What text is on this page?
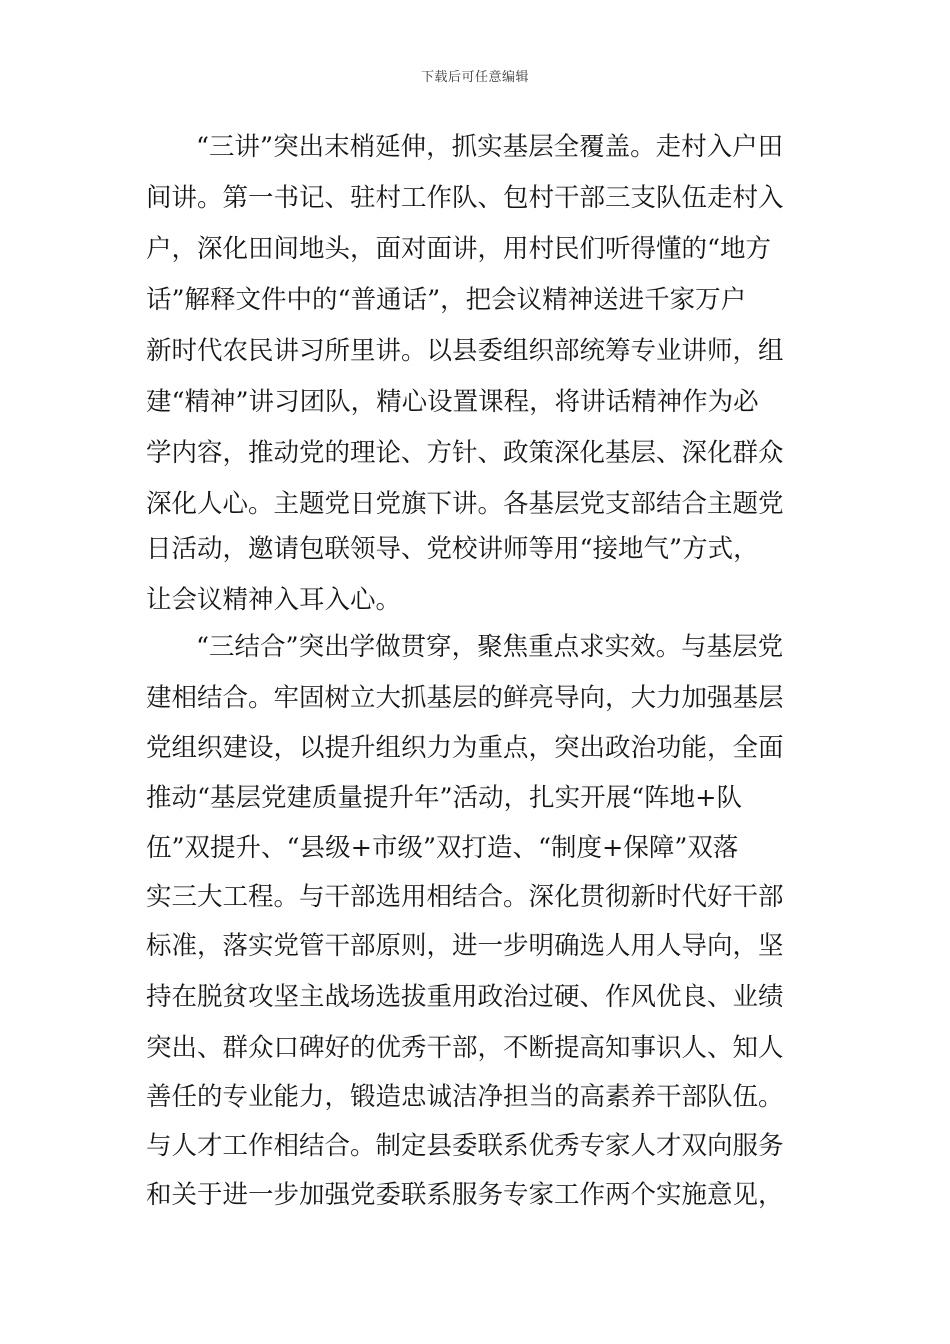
下载后可任意编辑
“三讲”突出末梢延伸，抓实基层全覆盖。走村入户田
间讲。第一书记、驻村工作队、包村干部三支队伍走村入
户，深化田间地头，面对面讲，用村民们听得懂的“地方
话”解释文件中的“普通话”，把会议精神送进千家万户
新时代农民讲习所里讲。以县委组织部统筹专业讲师，组
建“精神”讲习团队，精心设置课程，将讲话精神作为必
学内容，推动党的理论、方针、政策深化基层、深化群众
深化人心。主题党日党旗下讲。各基层党支部结合主题党
日活动，邀请包联领导、党校讲师等用“接地气”方式，
让会议精神入耳入心。
“三结合”突出学做贯穿，聚焦重点求实效。与基层党
建相结合。牢固树立大抓基层的鲜亮导向，大力加强基层
党组织建设，以提升组织力为重点，突出政治功能，全面
推动“基层党建质量提升年”活动，扎实开展“阵地+队
伍”双提升、“县级+市级”双打造、“制度+保障”双落
实三大工程。与干部选用相结合。深化贯彻新时代好干部
标准，落实党管干部原则，进一步明确选人用人导向，坚
持在脱贫攻坚主战场选拔重用政治过硬、作风优良、业绩
突出、群众口碑好的优秀干部，不断提高知事识人、知人
善任的专业能力，锻造忠诚洁净担当的高素养干部队伍。
与人才工作相结合。制定县委联系优秀专家人才双向服务
和关于进一步加强党委联系服务专家工作两个实施意见，
